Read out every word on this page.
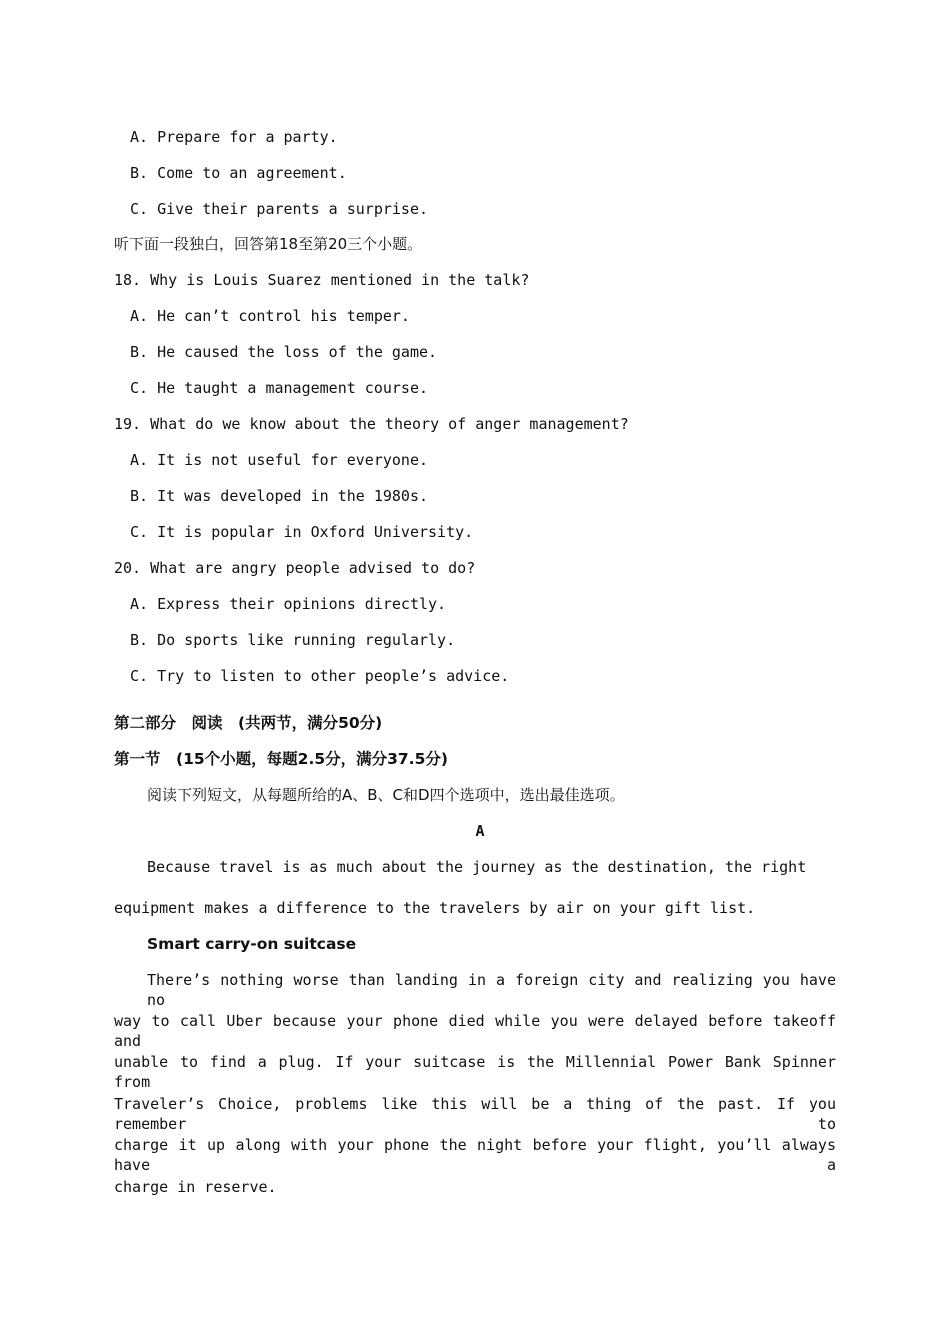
A. Prepare for a party.
B. Come to an agreement.
C. Give their parents a surprise.
听下面一段独白，回答第18至第20三个小题。
18. Why is Louis Suarez mentioned in the talk?
A. He can’t control his temper.
B. He caused the loss of the game.
C. He taught a management course.
19. What do we know about the theory of anger management?
A. It is not useful for everyone.
B. It was developed in the 1980s.
C. It is popular in Oxford University.
20. What are angry people advised to do?
A. Express their opinions directly.
B. Do sports like running regularly.
C. Try to listen to other people’s advice.
第二部分　阅读　(共两节，满分50分)
第一节　(15个小题，每题2.5分，满分37.5分)
阅读下列短文，从每题所给的A、B、C和D四个选项中，选出最佳选项。
A
Because travel is as much about the journey as the destination, the right
equipment makes a difference to the travelers by air on your gift list.
Smart carry-on suitcase
There’s nothing worse than landing in a foreign city and realizing you have no
way to call Uber because your phone died while you were delayed before takeoff and
unable to find a plug. If your suitcase is the Millennial Power Bank Spinner from
Traveler’s Choice, problems like this will be a thing of the past. If you remember to
charge it up along with your phone the night before your flight, you’ll always have a
charge in reserve.
